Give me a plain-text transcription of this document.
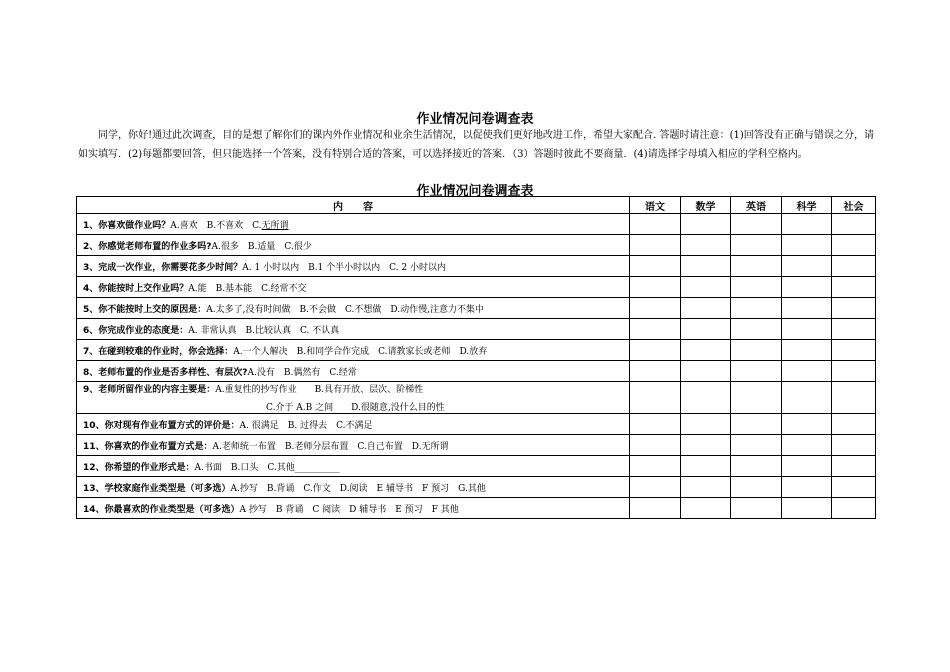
作业情况问卷调查表
同学，你好!通过此次调查，目的是想了解你们的课内外作业情况和业余生活情况，以促使我们更好地改进工作，希望大家配合. 答题时请注意：(1)回答没有正确与错误之分，请如实填写．(2)每题都要回答，但只能选择一个答案，没有特别合适的答案，可以选择接近的答案．（3）答题时彼此不要商量．(4)请选择字母填入相应的学科空格内。
作业情况问卷调查表
内　　容	语文	数学	英语	科学	社会
1、你喜欢做作业吗？A.喜欢　B.不喜欢　C.无所谓					
2、你感觉老师布置的作业多吗?A.很多　B.适量　C.很少					
3、完成一次作业，你需要花多少时间？A. 1 小时以内　B.1 个半小时以内　C. 2 小时以内					
4、你能按时上交作业吗？A.能　B.基本能　C.经常不交					
5、你不能按时上交的原因是：A.太多了,没有时间做　B.不会做　C.不想做　D.动作慢,注意力不集中					
6、你完成作业的态度是：A. 非常认真　B.比较认真　C. 不认真					
7、在碰到较难的作业时，你会选择：A.一个人解决　B.和同学合作完成　C.请教家长或老师　D.放弃					
8、老师布置的作业是否多样性、有层次?A.没有　B.偶然有　C.经常					
9、老师所留作业的内容主要是：A.重复性的抄写作业　　B.具有开放、层次、阶梯性
C.介于 A.B 之间　　D.很随意,没什么目的性					

10、你对现有作业布置方式的评价是：A. 很满足　B. 过得去　C.不满足					
11、你喜欢的作业布置方式是：A.老师统一布置　B.老师分层布置　C.自己布置　D.无所谓					
12、你希望的作业形式是：A.书面　B.口头　C.其他__________					
13、学校家庭作业类型是（可多选）A.抄写　B.背诵　C.作文　D.阅读　E 辅导书　F 预习　G.其他					
14、你最喜欢的作业类型是（可多选）A 抄写　B 背诵　C 阅读　D 辅导书　E 预习　F 其他					
